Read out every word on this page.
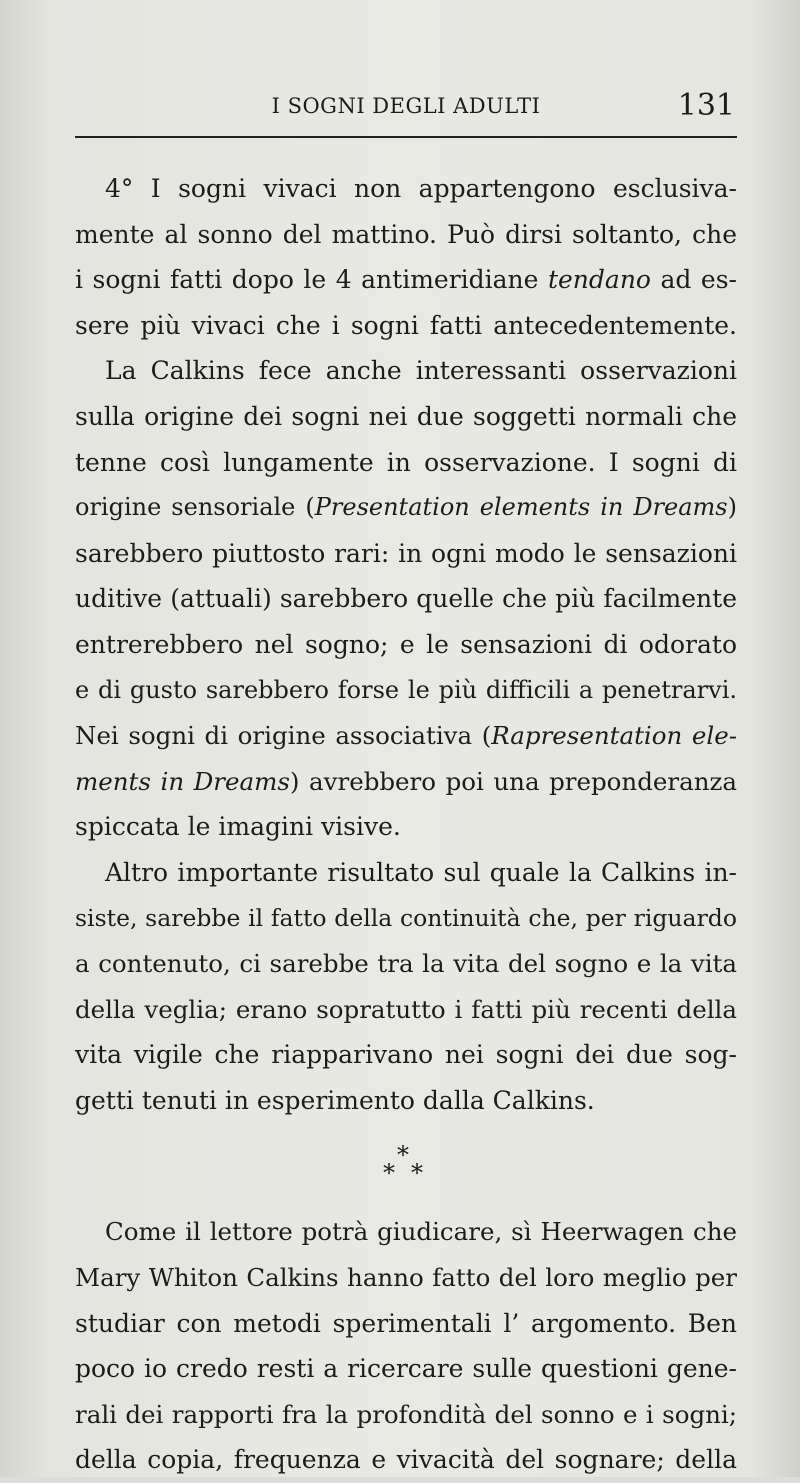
I SOGNI DEGLI ADULTI	131
4° I sogni vivaci non appartengono esclusiva-
mente al sonno del mattino. Può dirsi soltanto, che
i sogni fatti dopo le 4 antimeridiane tendano ad es-
sere più vivaci che i sogni fatti antecedentemente.
La Calkins fece anche interessanti osservazioni
sulla origine dei sogni nei due soggetti normali che
tenne così lungamente in osservazione. I sogni di
origine sensoriale (Presentation elements in Dreams)
sarebbero piuttosto rari: in ogni modo le sensazioni
uditive (attuali) sarebbero quelle che più facilmente
entrerebbero nel sogno; e le sensazioni di odorato
e di gusto sarebbero forse le più difficili a penetrarvi.
Nei sogni di origine associativa (Rapresentation ele-
ments in Dreams) avrebbero poi una preponderanza
spiccata le imagini visive.
Altro importante risultato sul quale la Calkins in-
siste, sarebbe il fatto della continuità che, per riguardo
a contenuto, ci sarebbe tra la vita del sogno e la vita
della veglia; erano sopratutto i fatti più recenti della
vita vigile che riapparivano nei sogni dei due sog-
getti tenuti in esperimento dalla Calkins.
*
* *
Come il lettore potrà giudicare, sì Heerwagen che
Mary Whiton Calkins hanno fatto del loro meglio per
studiar con metodi sperimentali l’ argomento. Ben
poco io credo resti a ricercare sulle questioni gene-
rali dei rapporti fra la profondità del sonno e i sogni;
della copia, frequenza e vivacità del sognare; della
